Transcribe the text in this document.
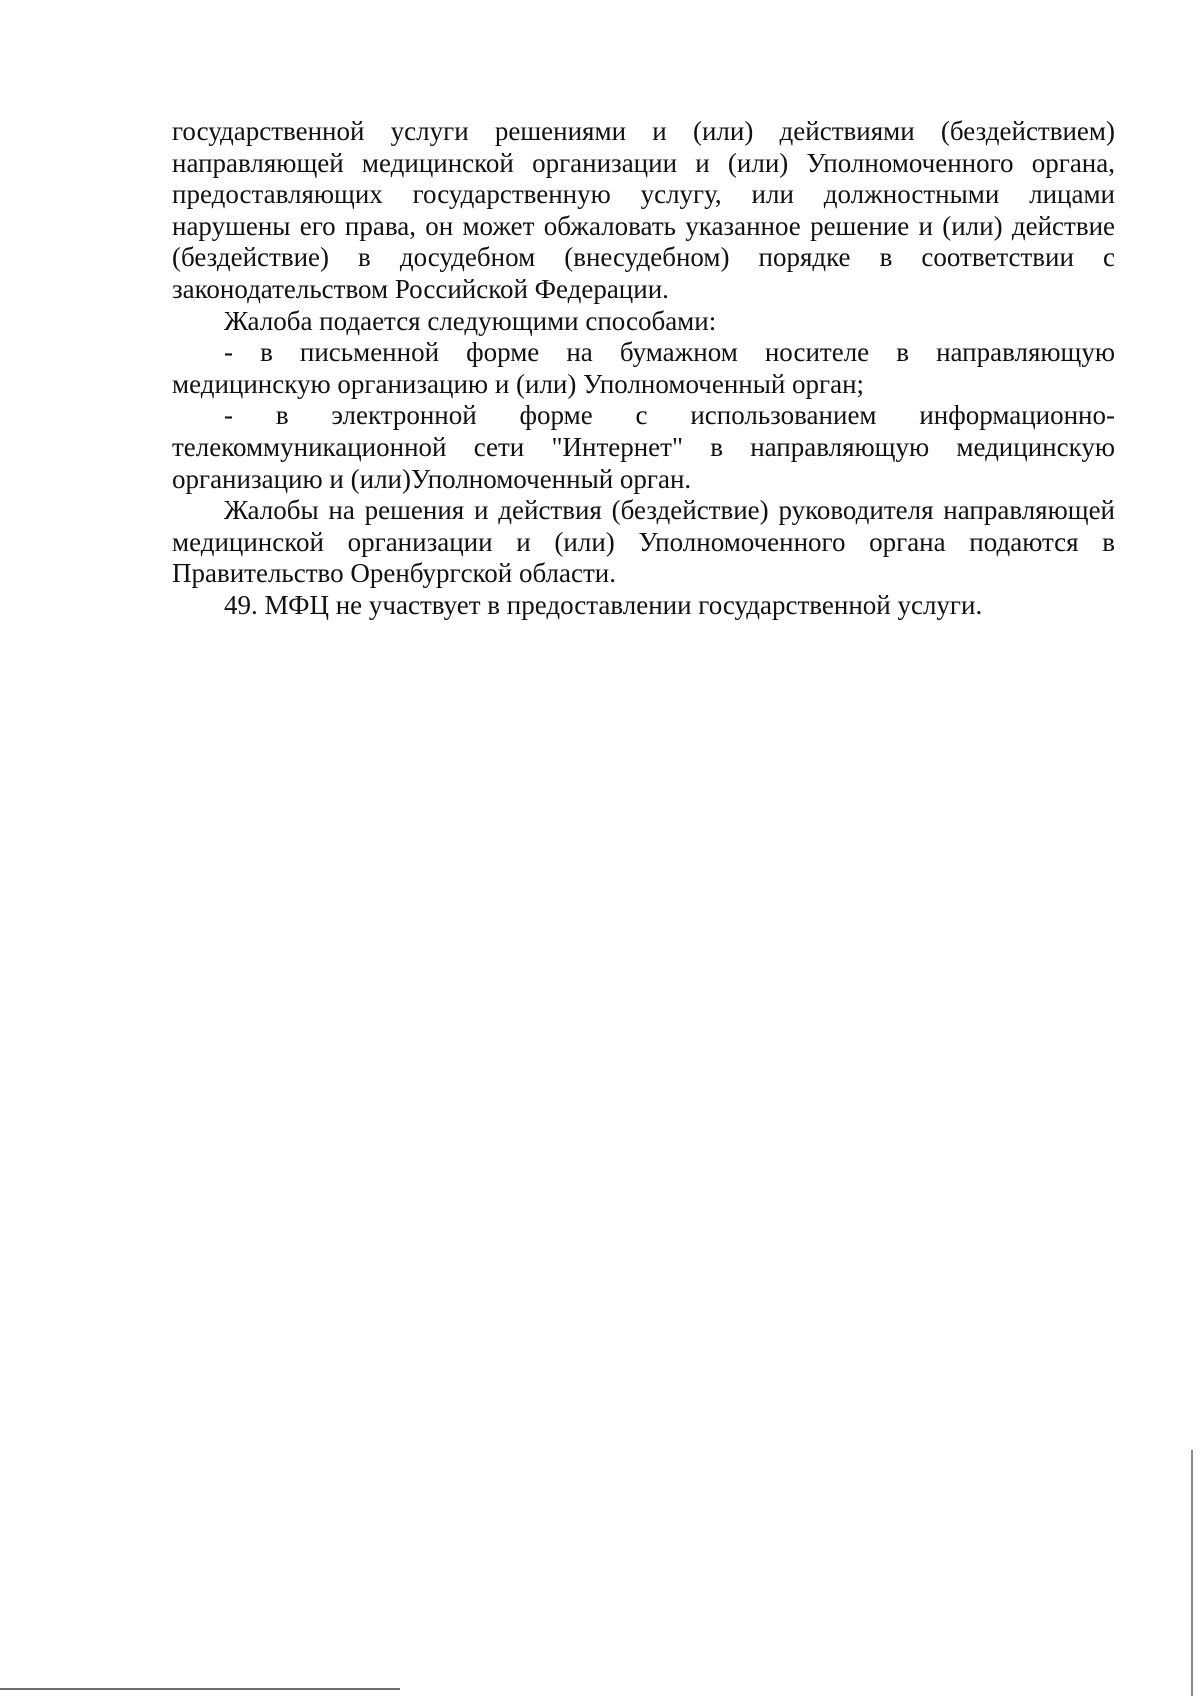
государственной услуги решениями и (или) действиями (бездействием) направляющей медицинской организации и (или) Уполномоченного органа, предоставляющих государственную услугу, или должностными лицами нарушены его права, он может обжаловать указанное решение и (или) действие (бездействие) в досудебном (внесудебном) порядке в соответствии с законодательством Российской Федерации.

Жалоба подается следующими способами:

- в письменной форме на бумажном носителе в направляющую медицинскую организацию и (или) Уполномоченный орган;

- в электронной форме с использованием информационно-телекоммуникационной сети "Интернет" в направляющую медицинскую организацию и (или)Уполномоченный орган.

Жалобы на решения и действия (бездействие) руководителя направляющей медицинской организации и (или) Уполномоченного органа подаются в Правительство Оренбургской области.

49. МФЦ не участвует в предоставлении государственной услуги.
